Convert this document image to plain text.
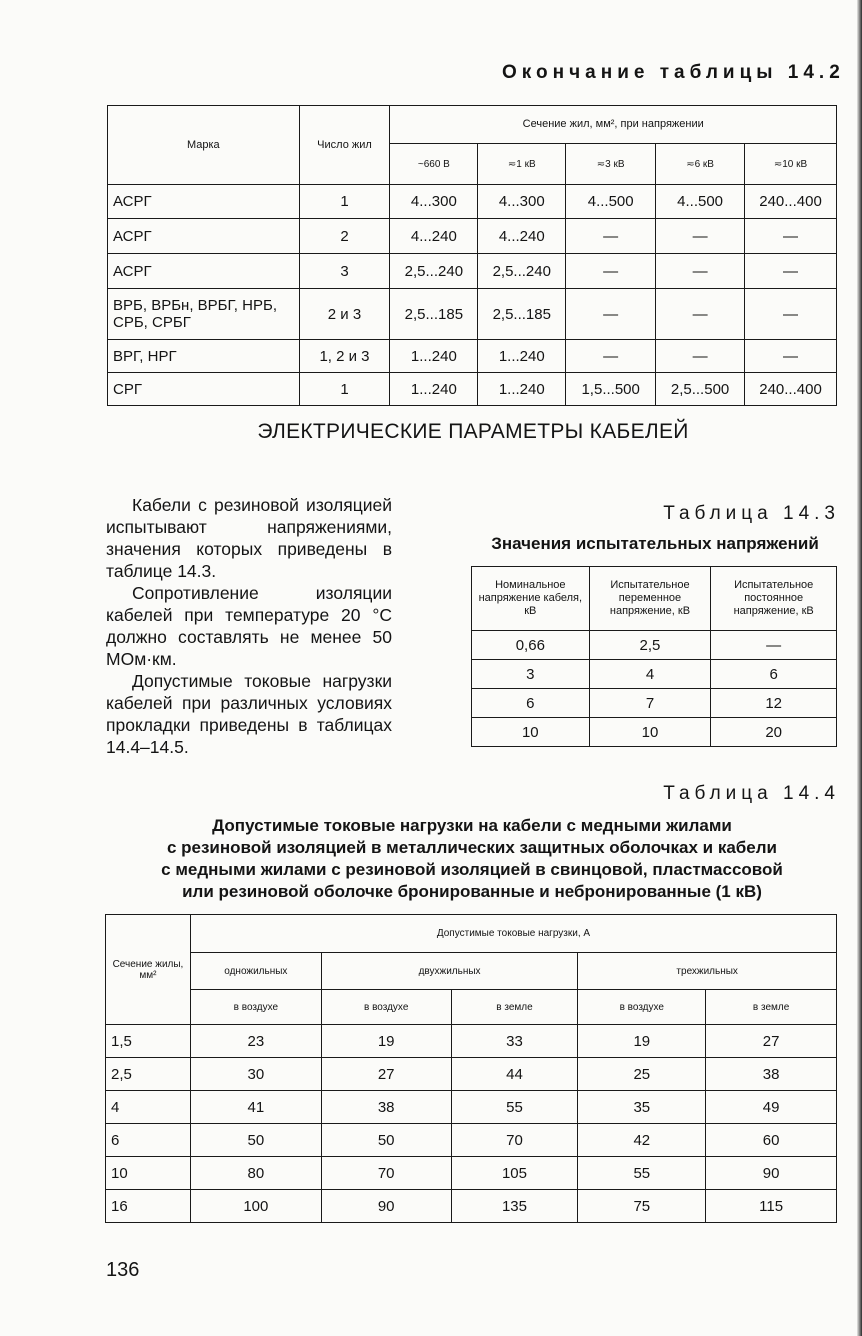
Окончание таблицы 14.2
Марка	Число жил	Сечение жил, мм², при напряжении				
		~660 В	≂1 кВ	≂3 кВ	≂6 кВ	≂10 кВ
АСРГ	1	4...300	4...300	4...500	4...500	240...400
АСРГ	2	4...240	4...240	—	—	—
АСРГ	3	2,5...240	2,5...240	—	—	—
ВРБ, ВРБн, ВРБГ, НРБ, СРБ, СРБГ	2 и 3	2,5...185	2,5...185	—	—	—
ВРГ, НРГ	1, 2 и 3	1...240	1...240	—	—	—
СРГ	1	1...240	1...240	1,5...500	2,5...500	240...400
ЭЛЕКТРИЧЕСКИЕ ПАРАМЕТРЫ КАБЕЛЕЙ

Кабели с резиновой изоляцией испытывают напряжениями, значения которых приведены в таблице 14.3.

Сопротивление изоляции кабелей при температуре 20 °С должно составлять не менее 50 МОм·км.

Допустимые токовые нагрузки кабелей при различных условиях прокладки приведены в таблицах 14.4–14.5.

Таблица 14.3
Значения испытательных напряжений
Номинальное напряжение кабеля, кВ	Испытательное переменное напряжение, кВ	Испытательное постоянное напряжение, кВ
0,66	2,5	—
3	4	6
6	7	12
10	10	20
Таблица 14.4
Допустимые токовые нагрузки на кабели с медными жилами
с резиновой изоляцией в металлических защитных оболочках и кабели
с медными жилами с резиновой изоляцией в свинцовой, пластмассовой
или резиновой оболочке бронированные и небронированные (1 кВ)
Сечение жилы, мм²	Допустимые токовые нагрузки, А				
	одножильных	двухжильных		трехжильных	
	в воздухе	в воздухе	в земле	в воздухе	в земле
1,5	23	19	33	19	27
2,5	30	27	44	25	38
4	41	38	55	35	49
6	50	50	70	42	60
10	80	70	105	55	90
16	100	90	135	75	115
136
